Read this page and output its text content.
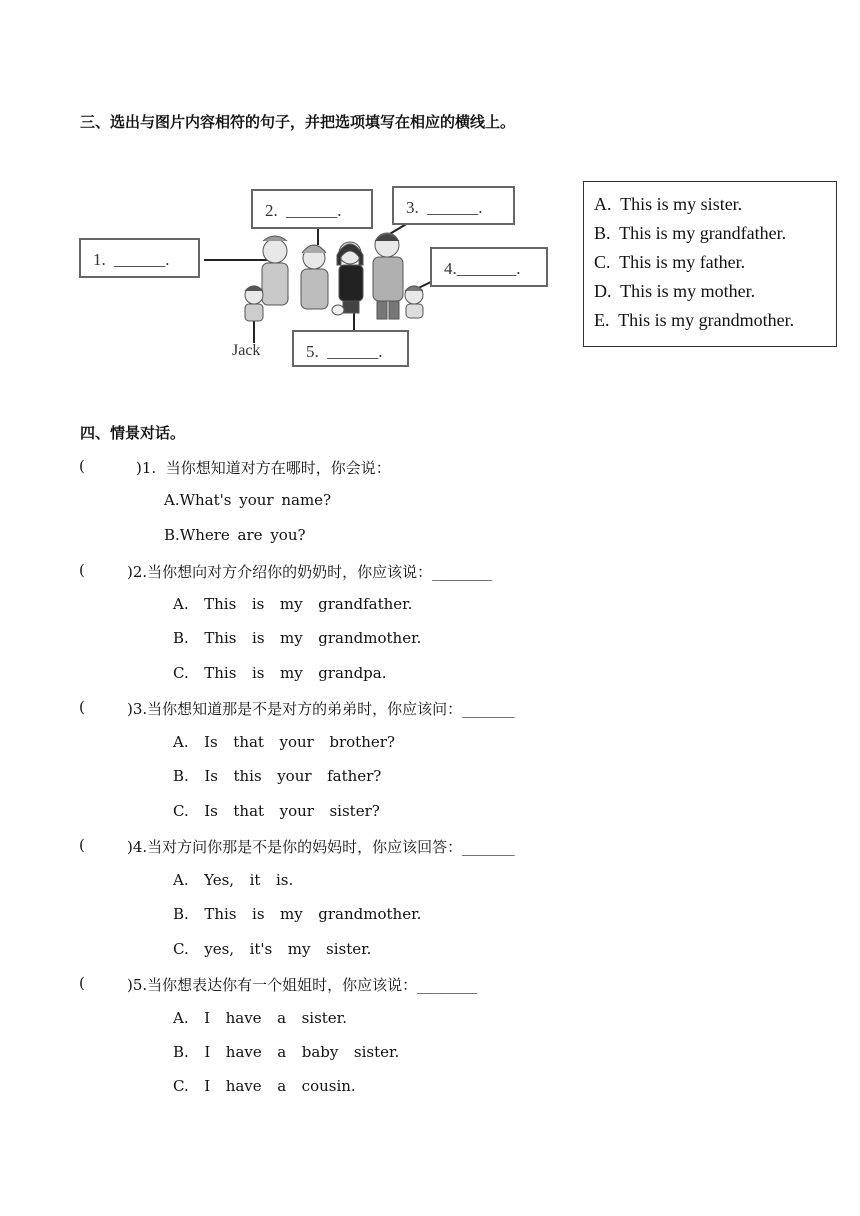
三、选出与图片内容相符的句子，并把选项填写在相应的横线上。
1.  ______.
2.  ______.	3.  ______.
4._______.
5.  ______.
Jack
A.  This is my sister.
B.  This is my grandfather.
C.  This is my father.
D.  This is my mother.
E.  This is my grandmother.
四、情景对话。
(	)1.  当你想知道对方在哪时，你会说：
A.What's your name?
B.Where are you?
(	)2.当你想向对方介绍你的奶奶时，你应该说：________
A.  This  is  my  grandfather.
B.  This  is  my  grandmother.
C.  This  is  my  grandpa.
(	)3.当你想知道那是不是对方的弟弟时，你应该问：_______
A.  Is  that  your  brother?
B.  Is  this  your  father?
C.  Is  that  your  sister?
(	)4.当对方问你那是不是你的妈妈时，你应该回答：_______
A.  Yes,  it  is.
B.  This  is  my  grandmother.
C.  yes,  it's  my  sister.
(	)5.当你想表达你有一个姐姐时，你应该说：________
A.  I  have  a  sister.
B.  I  have  a  baby  sister.
C.  I  have  a  cousin.
